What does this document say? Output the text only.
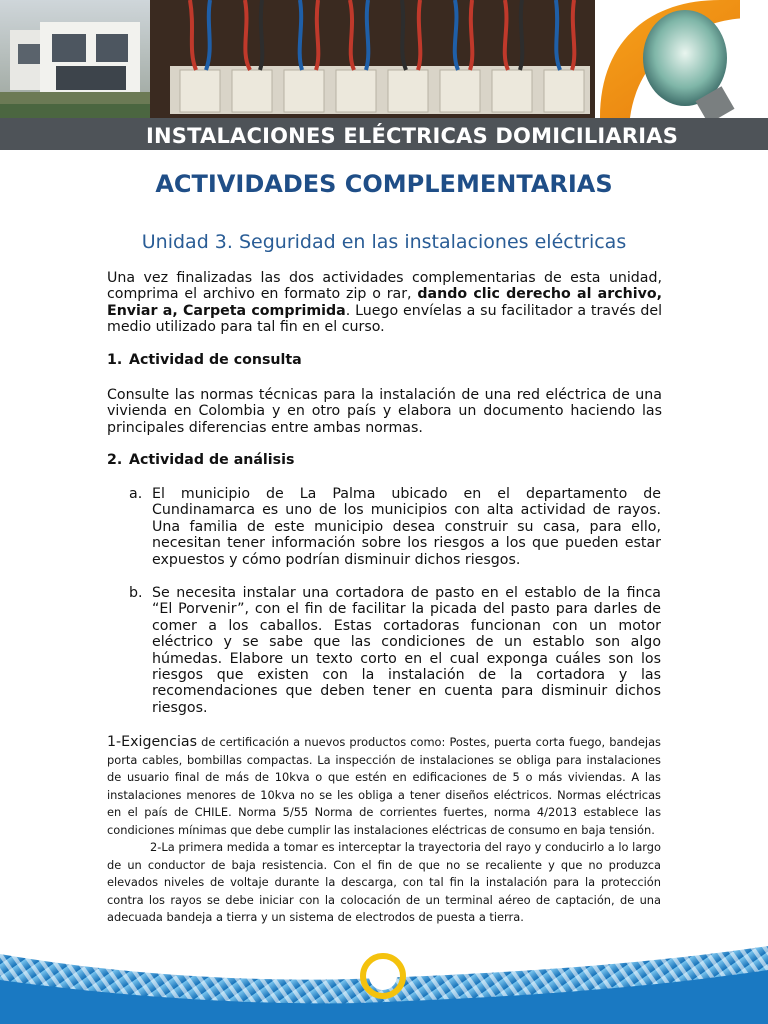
INSTALACIONES ELÉCTRICAS DOMICILIARIAS
ACTIVIDADES COMPLEMENTARIAS
Unidad 3. Seguridad en las instalaciones eléctricas
Una vez finalizadas las dos actividades complementarias de esta unidad, comprima el archivo en formato zip o rar, dando clic derecho al archivo, Enviar a, Carpeta comprimida. Luego envíelas a su facilitador a través del medio utilizado para tal fin en el curso.
1. Actividad de consulta
Consulte las normas técnicas para la instalación de una red eléctrica de una vivienda en Colombia y en otro país y elabora un documento haciendo las principales diferencias entre ambas normas.
2. Actividad de análisis
a. El municipio de La Palma ubicado en el departamento de Cundinamarca es uno de los municipios con alta actividad de rayos. Una familia de este municipio desea construir su casa, para ello, necesitan tener información sobre los riesgos a los que pueden estar expuestos y cómo podrían disminuir dichos riesgos.
b. Se necesita instalar una cortadora de pasto en el establo de la finca “El Porvenir”, con el fin de facilitar la picada del pasto para darles de comer a los caballos. Estas cortadoras funcionan con un motor eléctrico y se sabe que las condiciones de un establo son algo húmedas. Elabore un texto corto en el cual exponga cuáles son los riesgos que existen con la instalación de la cortadora y las recomendaciones que deben tener en cuenta para disminuir dichos riesgos.
1-Exigencias de certificación a nuevos productos como: Postes, puerta corta fuego, bandejas porta cables, bombillas compactas. La inspección de instalaciones se obliga para instalaciones de usuario final de más de 10kva o que estén en edificaciones de 5 o más viviendas. A las instalaciones menores de 10kva no se les obliga a tener diseños eléctricos. Normas eléctricas en el país de CHILE. Norma 5/55 Norma de corrientes fuertes, norma 4/2013 establece las condiciones mínimas que debe cumplir las instalaciones eléctricas de consumo en baja tensión.
2-La primera medida a tomar es interceptar la trayectoria del rayo y conducirlo a lo largo de un conductor de baja resistencia. Con el fin de que no se recaliente y que no produzca elevados niveles de voltaje durante la descarga, con tal fin la instalación para la protección contra los rayos se debe iniciar con la colocación de un terminal aéreo de captación, de una adecuada bandeja a tierra y un sistema de electrodos de puesta a tierra.
